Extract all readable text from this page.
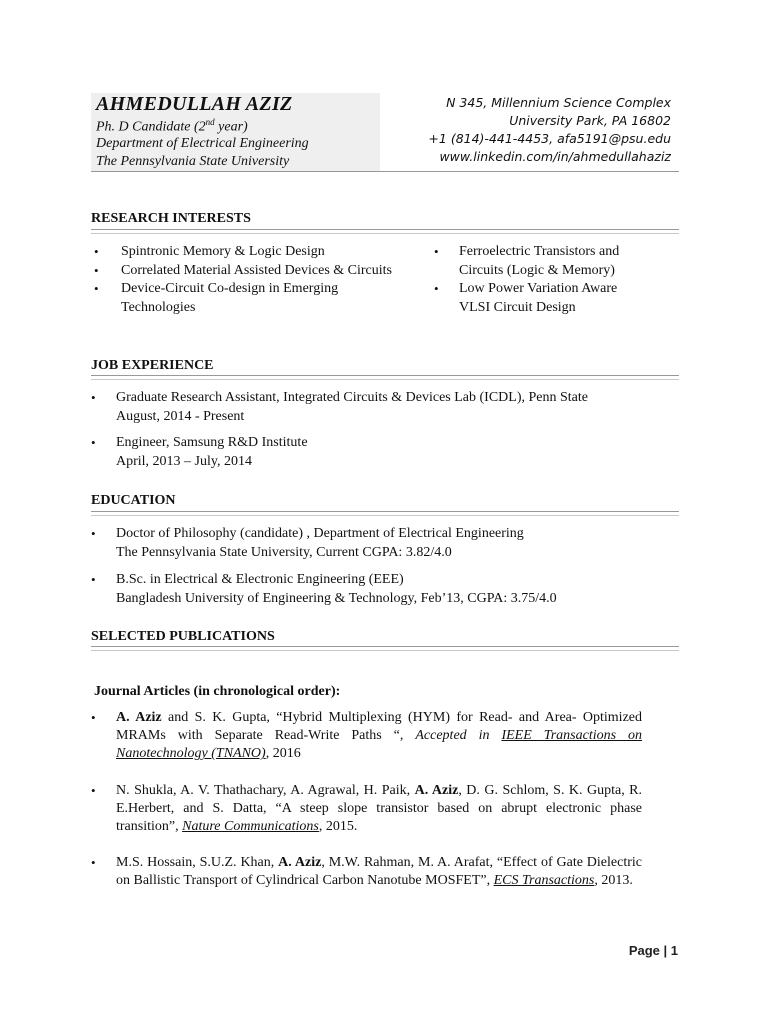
AHMEDULLAH AZIZ
Ph. D Candidate (2nd year)
Department of Electrical Engineering
The Pennsylvania State University
N 345, Millennium Science Complex
University Park, PA 16802
+1 (814)-441-4453, afa5191@psu.edu
www.linkedin.com/in/ahmedullahaziz
RESEARCH INTERESTS
• Spintronic Memory & Logic Design
• Correlated Material Assisted Devices & Circuits
• Device-Circuit Co-design in Emerging
Technologies
• Ferroelectric Transistors and
Circuits (Logic & Memory)
• Low Power Variation Aware
VLSI Circuit Design
JOB EXPERIENCE
• Graduate Research Assistant, Integrated Circuits & Devices Lab (ICDL), Penn State
August, 2014 - Present
• Engineer, Samsung R&D Institute
April, 2013 – July, 2014
EDUCATION
• Doctor of Philosophy (candidate) , Department of Electrical Engineering
The Pennsylvania State University, Current CGPA: 3.82/4.0
• B.Sc. in Electrical & Electronic Engineering (EEE)
Bangladesh University of Engineering & Technology, Feb’13, CGPA: 3.75/4.0
SELECTED PUBLICATIONS
Journal Articles (in chronological order):
• A. Aziz and S. K. Gupta, “Hybrid Multiplexing (HYM) for Read- and Area- Optimized MRAMs with Separate Read-Write Paths “, Accepted in IEEE Transactions on Nanotechnology (TNANO), 2016
• N. Shukla, A. V. Thathachary, A. Agrawal, H. Paik, A. Aziz, D. G. Schlom, S. K. Gupta, R. E.Herbert, and S. Datta, “A steep slope transistor based on abrupt electronic phase transition”, Nature Communications, 2015.
• M.S. Hossain, S.U.Z. Khan, A. Aziz, M.W. Rahman, M. A. Arafat, “Effect of Gate Dielectric on Ballistic Transport of Cylindrical Carbon Nanotube MOSFET”, ECS Transactions, 2013.
Page | 1
